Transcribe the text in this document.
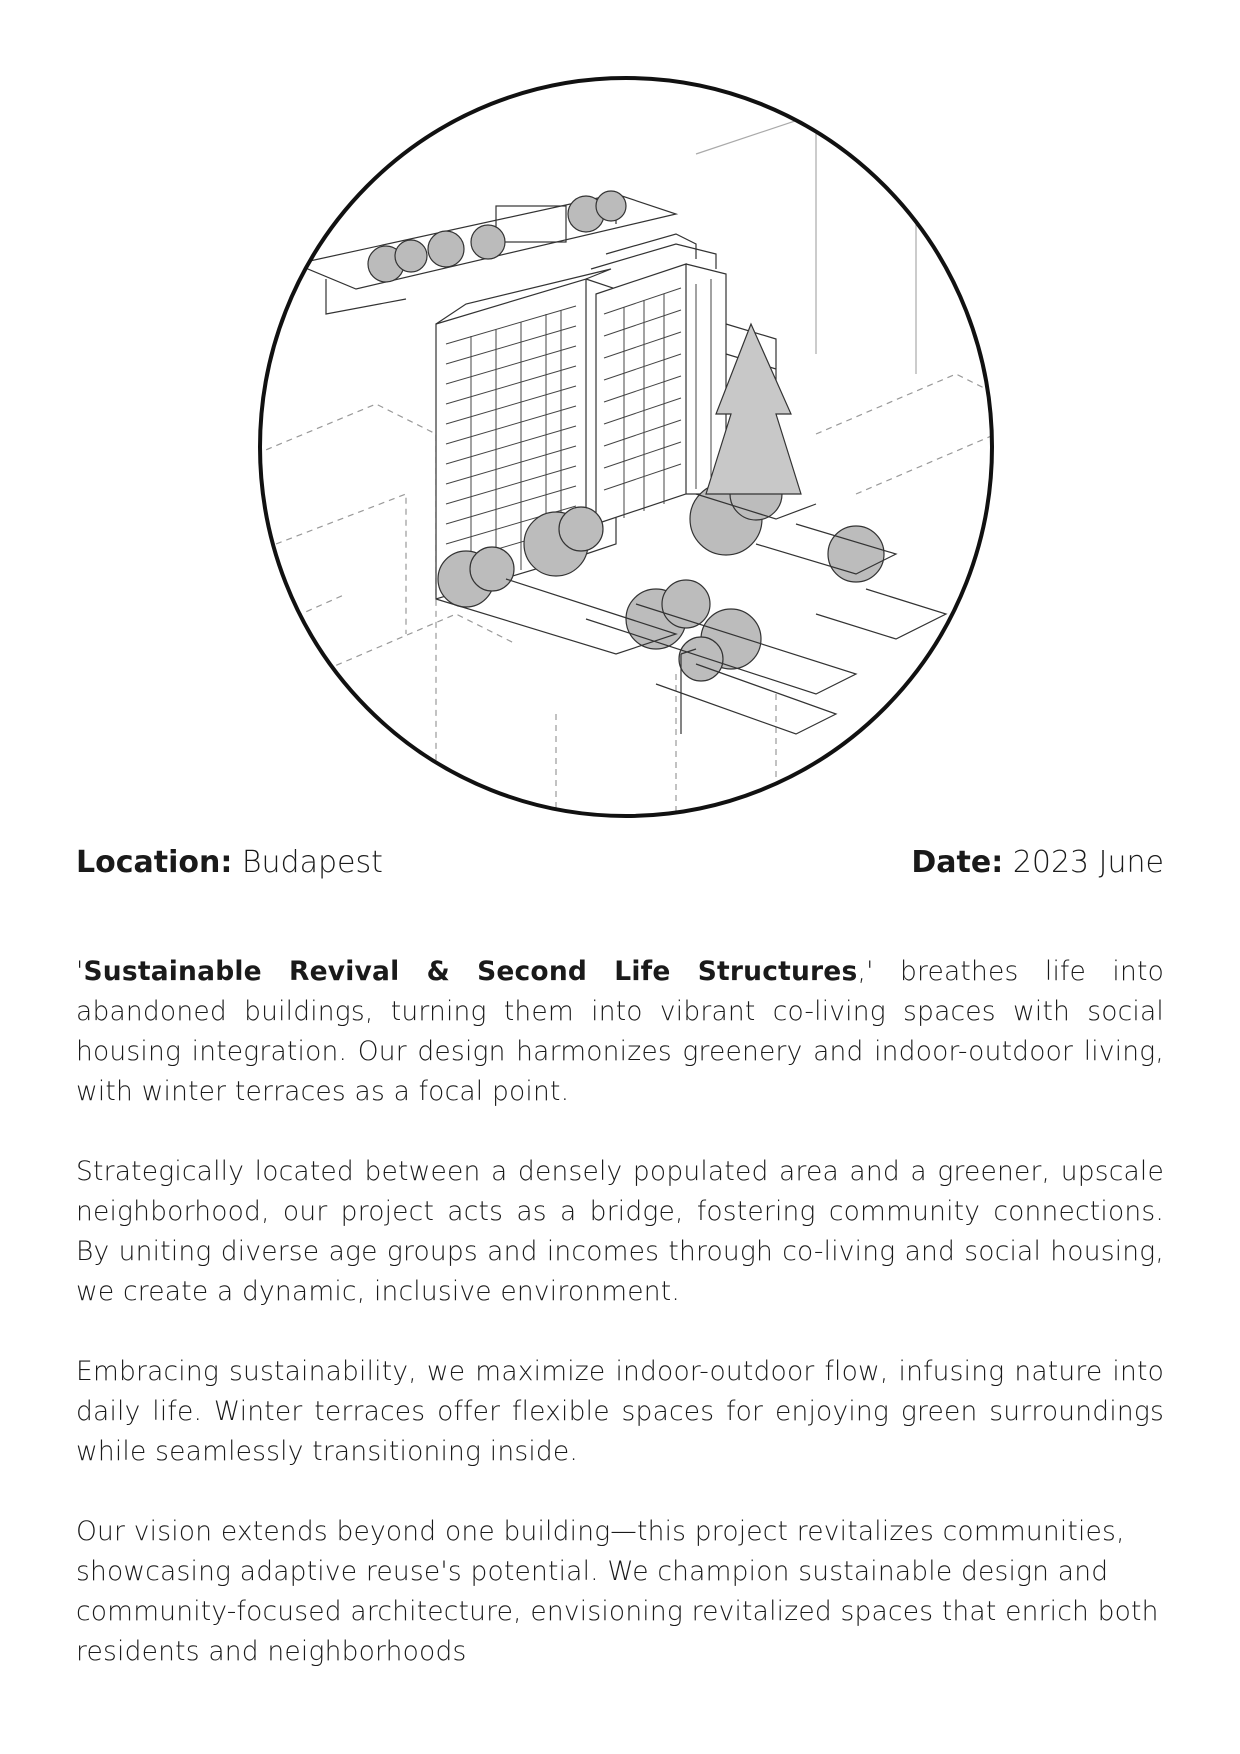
Location: Budapest	Date: 2023 June

'Sustainable Revival & Second Life Structures,' breathes life into abandoned buildings, turning them into vibrant co-living spaces with social housing integration. Our design harmonizes greenery and indoor-outdoor living, with winter terraces as a focal point.

Strategically located between a densely populated area and a greener, upscale neighborhood, our project acts as a bridge, fostering community connections. By uniting diverse age groups and incomes through co-living and social housing, we create a dynamic, inclusive environment.

Embracing sustainability, we maximize indoor-outdoor flow, infusing nature into daily life. Winter terraces offer flexible spaces for enjoying green surroundings while seamlessly transitioning inside.

Our vision extends beyond one building—this project revitalizes communities, showcasing adaptive reuse's potential. We champion sustainable design and community-focused architecture, envisioning revitalized spaces that enrich both residents and neighborhoods
